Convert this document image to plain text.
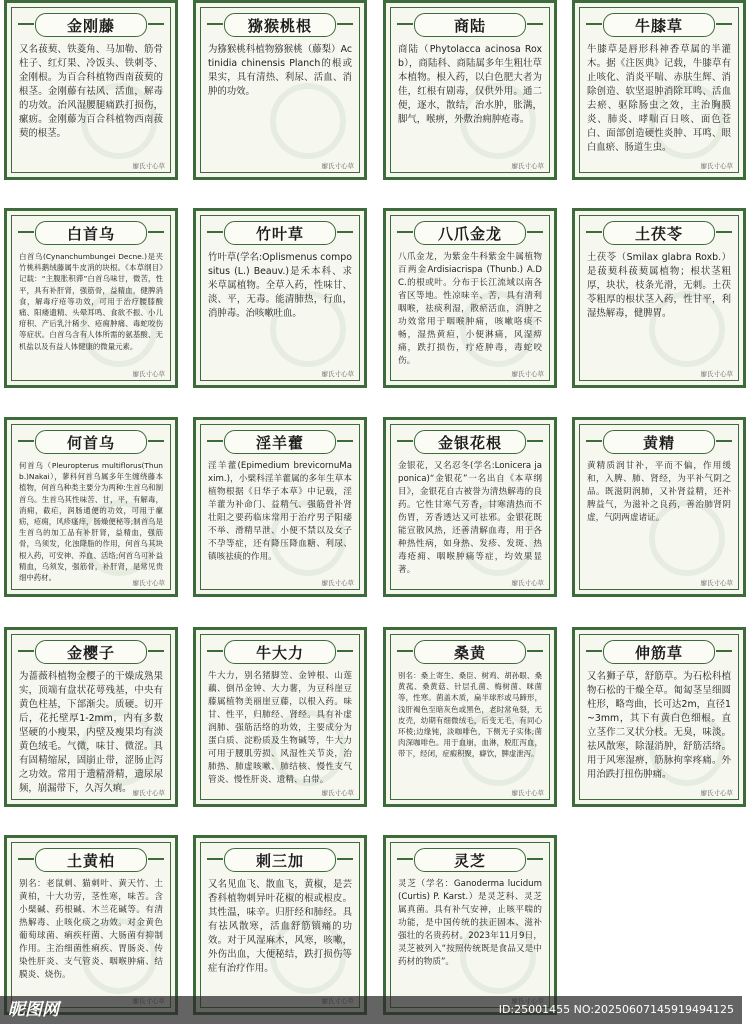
金刚藤
又名菝葜、铁菱角、马加勒、筋骨柱子、红灯果、冷饭头、铁刺苓、金刚根。为百合科植物西南菝葜的根茎。金刚藤有祛风、活血，解毒的功效。治风湿腰腿痛跌打损伤，瘰疬。金刚藤为百合科植物西南菝葜的根茎。
廖氏寸心草
猕猴桃根
为猕猴桃科植物猕猴桃（藤梨）Actinidia chinensis Planch的根或果实，具有清热、利尿、活血、消肿的功效。
廖氏寸心草
商陆
商陆（Phytolacca acinosa Roxb），商陆科、商陆属多年生粗壮草本植物。根入药，以白色肥大者为佳，红根有剧毒，仅供外用。通二便，逐水，散结，治水肿，胀满，脚气，喉痹，外敷治痈肿疮毒。
廖氏寸心草
牛膝草
牛膝草是唇形科神香草属的半灌木。据《注医典》记载，牛膝草有止咳化、消炎平喘、赤肤生辉、消除创造、软坚退肿消除耳鸣、活血去瘀、驱除肠虫之效，主治胸膜炎、肺炎、哮喘百日咳、面色苍白、面部创造硬性炎肿、耳鸣、眼白血瘀、肠道生虫。
廖氏寸心草
白首乌
白首乌(Cynanchumbungei Decne.)是夹竹桃科鹅绒藤属牛皮消的块根。《本草纲目》记载：“主腹胀积滞”白首乌味甘，微苦，性平，具有补肝肾，强筋骨，益精血，健脾消食，解毒疗疮等功效，可用于治疗腰膝酸痛、阳痿遗精、头晕耳鸣、食欲不振、小儿疳积、产后乳汁稀少、疮痈肿痛、毒蛇咬伤等症状。白首乌含有人体所需的氨基酸、无机盐以及有益人体健康的微量元素。
廖氏寸心草
竹叶草
竹叶草(学名:Oplismenus compositus (L.) Beauv.)是禾本科、求米草属植物。全草入药，性味甘、淡、平，无毒。能清肺热，行血，消肿毒。治咳嗽吐血。
廖氏寸心草
八爪金龙
八爪金龙，为紫金牛科紫金牛属植物百两金Ardisiacrispa (Thunb.) A.DC.的根或叶。分布于长江流域以南各省区等地。性凉味辛、苦，具有清利咽喉，祛痰利湿，散瘀活血，消肿之功效常用于咽喉肿痛，咳嗽咯痰不畅，湿热黄疸，小便淋痛，风湿痹痛，跌打损伤，疔疮肿毒，毒蛇咬伤。
廖氏寸心草
土茯苓
土茯苓（Smilax glabra Roxb.）是菝葜科菝葜属植物；根状茎粗厚，块状，枝条光滑，无刺。土茯苓粗厚的根状茎入药，性甘平，利湿热解毒，健脾胃。
廖氏寸心草
何首乌
何首乌（Pleuropterus multiflorus(Thunb.)Nakai），蓼科何首乌属多年生缠绕藤本植物，何首乌种类主要分为两种:生首乌和制首乌。生首乌其性味苦、甘，平，有解毒，消痈，截疟，润肠通便的功效，可用于瘰疬，疮痈，风疹瘙痒，肠燥便秘等;制首乌是生首乌的加工品有补肝肾，益精血，强筋骨，乌须发，化浊降脂的作用，何首乌其块根入药，可安神、养血、活络;何首乌可补益精血，乌须发，强筋骨，补肝肾，是常见贵细中药材。
廖氏寸心草
淫羊藿
淫羊藿(Epimedium brevicornuMaxim.)，小檗科淫羊藿属的多年生草本植物根据《日华子本草》中记载，淫羊藿为补命门、益精气、强筋骨补肾壮阳之要药临床常用于治疗男子阳痿不举、滑精早泄、小便不禁以及女子不孕等症，还有降压降血糖、利尿、镇咳祛痰的作用。
廖氏寸心草
金银花根
金银花，又名忍冬(学名:Lonicera japonica)“金银花”一名出自《本草纲目》，金银花自古被誉为清热解毒的良药。它性甘寒气芳香，甘寒清热而不伤胃，芳香透达又可祛邪。金银花既能宣散风热，还善清解血毒，用于各种热性病，如身热、发疹、发斑、热毒疮痈、咽喉肿痛等症，均效果显著。
廖氏寸心草
黄精
黄精质润甘补，平而不偏，作用缓和，入脾、肺、肾经，为平补气阴之品。既滋阴润肺，又补肾益精，还补脾益气，为滋补之良药，善治肺肾阴虚，气阴两虚诸证。
廖氏寸心草
金樱子
为蔷薇科植物金樱子的干燥成熟果实，顶端有盘状花萼残基，中央有黄色柱基，下部渐尖。质硬。切开后，花托壁厚1-2mm，内有多数坚硬的小瘦果，内壁及瘦果均有淡黄色绒毛。气微，味甘、微涩。具有固精缩尿，固崩止带，涩肠止泻之功效。常用于遗精滑精，遗尿尿频，崩漏带下，久泻久痢。 廖氏寸心草
牛大力
牛大力，别名猪脚笠、金钟根、山莲藕、倒吊金钟、大力薯，为豆科崖豆藤属植物美丽崖豆藤，以根入药。味甘、性平，归肺经、肾经。具有补虚润肺、强筋活络的功效，主要成分为蛋白质、淀粉质及生物碱等，牛大力可用于腰肌劳损、风湿性关节炎，治肺热、肺虚咳嗽、肺结核、慢性支气管炎、慢性肝炎、遗精、白带。
廖氏寸心草
桑黄
别名：桑上寄生、桑臣、树鸡、胡孙眼、桑黄菰、桑黄菇、针层孔菌、梅树菌、咪菌等，性寒。菌盖木质，扁半球形或马蹄形，浅肝褐色至暗灰色或黑色，老时常龟裂，无皮壳，幼期有细微绒毛，后变无毛，有同心环棱;边缘钝，淡咖啡色，下侧无子实体;菌肉深咖啡色。用于血崩，血淋，脱肛泻血，带下，经闭，症瘕积聚，癖饮，脾虚泄泻。
廖氏寸心草
伸筋草
又名狮子草，舒筋草。为石松科植物石松的干燥全草。匍匐茎呈细圆柱形，略弯曲，长可达2m，直径1~3mm，其下有黄白色细根。直立茎作二叉状分枝。无臭，味淡。祛风散寒，除湿消肿，舒筋活络。用于风寒湿痹，筋脉拘挛疼痛。外用治跌打扭伤肿痛。
廖氏寸心草
土黄柏
别名：老鼠刺、猫刺叶、黄天竹、土黄柏，十大功劳，茎性寒，味苦。含小檗碱、药根碱、木兰花碱等。有清热解毒、止咳化痰之功效。对金黄色葡萄球菌、痢疾杆菌、大肠菌有抑制作用。主治细菌性痢疾、胃肠炎、传染性肝炎、支气管炎、咽喉肿痛、结膜炎、烧伤。
刺三加
又名见血飞、散血飞，黄椒，是芸香科植物刺异叶花椒的根或根皮。其性温，味辛。归肝经和肺经。具有祛风散寒，活血舒筋镇痛的功效。对于风湿麻木，风寒，咳嗽，外伤出血，大便秘结，跌打损伤等症有治疗作用。
灵芝
灵芝（学名：Ganoderma lucidum (Curtis) P. Karst.）是灵芝科、灵芝属真菌。具有补气安神，止咳平喘的功能，是中国传统的扶正固本、滋补强壮的名贵药材。2023年11月9日，灵芝被列入“按照传统既是食品又是中药材的物质”。
昵图网	ID:25001455 NO:20250607145919494125
